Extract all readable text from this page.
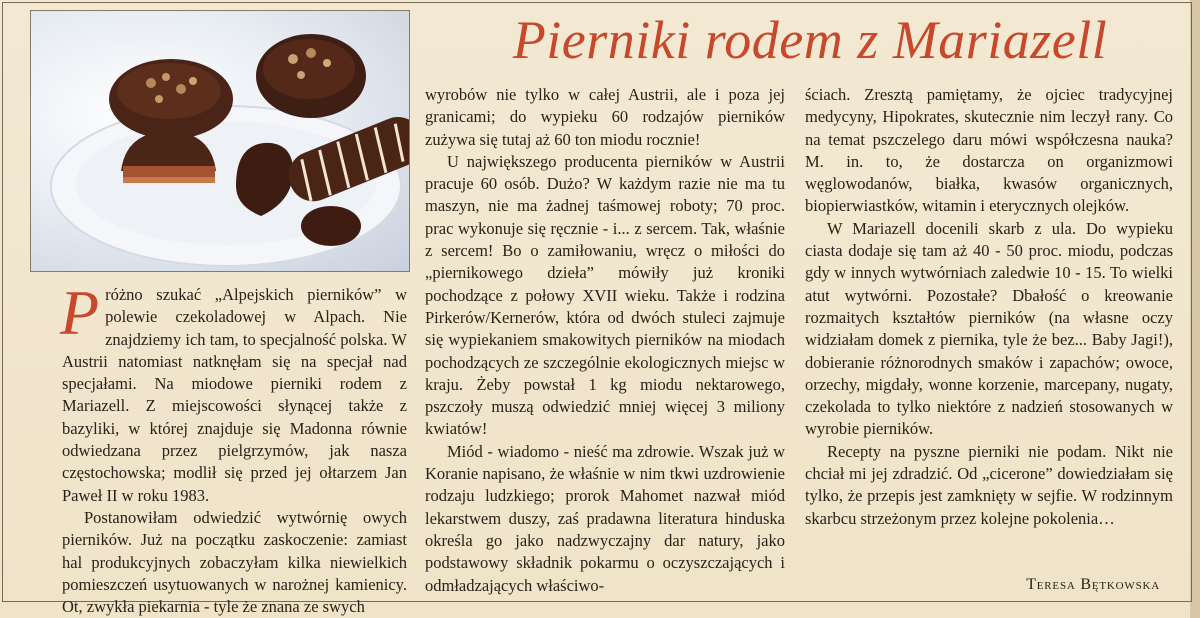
Pierniki rodem z Mariazell

Próżno szukać „Alpejskich pierników” w polewie czekoladowej w Alpach. Nie znajdziemy ich tam, to specjalność polska. W Austrii natomiast natknęłam się na specjał nad specjałami. Na miodowe pierniki rodem z Mariazell. Z miejscowości słynącej także z bazyliki, w której znajduje się Madonna równie odwiedzana przez pielgrzymów, jak nasza częstochowska; modlił się przed jej ołtarzem Jan Paweł II w roku 1983.

Postanowiłam odwiedzić wytwórnię owych pierników. Już na początku zaskoczenie: zamiast hal produkcyjnych zobaczyłam kilka niewielkich pomieszczeń usytuowanych w narożnej kamienicy. Ot, zwykła piekarnia - tyle że znana ze swych

wyrobów nie tylko w całej Austrii, ale i poza jej granicami; do wypieku 60 rodzajów pierników zużywa się tutaj aż 60 ton miodu rocznie!

U największego producenta pierników w Austrii pracuje 60 osób. Dużo? W każdym razie nie ma tu maszyn, nie ma żadnej taśmowej roboty; 70 proc. prac wykonuje się ręcznie - i... z sercem. Tak, właśnie z sercem! Bo o zamiłowaniu, wręcz o miłości do „piernikowego dzieła” mówiły już kroniki pochodzące z połowy XVII wieku. Także i rodzina Pirkerów/Kernerów, która od dwóch stuleci zajmuje się wypiekaniem smakowitych pierników na miodach pochodzących ze szczególnie ekologicznych miejsc w kraju. Żeby powstał 1 kg miodu nektarowego, pszczoły muszą odwiedzić mniej więcej 3 miliony kwiatów!

Miód - wiadomo - nieść ma zdrowie. Wszak już w Koranie napisano, że właśnie w nim tkwi uzdrowienie rodzaju ludzkiego; prorok Mahomet nazwał miód lekarstwem duszy, zaś pradawna literatura hinduska określa go jako nadzwyczajny dar natury, jako podstawowy składnik pokarmu o oczyszczających i odmładzających właściwo-

ściach. Zresztą pamiętamy, że ojciec tradycyjnej medycyny, Hipokrates, skutecznie nim leczył rany. Co na temat pszczelego daru mówi współczesna nauka? M. in. to, że dostarcza on organizmowi węglowodanów, białka, kwasów organicznych, biopierwiastków, witamin i eterycznych olejków.

W Mariazell docenili skarb z ula. Do wypieku ciasta dodaje się tam aż 40 - 50 proc. miodu, podczas gdy w innych wytwórniach zaledwie 10 - 15. To wielki atut wytwórni. Pozostałe? Dbałość o kreowanie rozmaitych kształtów pierników (na własne oczy widziałam domek z piernika, tyle że bez... Baby Jagi!), dobieranie różnorodnych smaków i zapachów; owoce, orzechy, migdały, wonne korzenie, marcepany, nugaty, czekolada to tylko niektóre z nadzień stosowanych w wyrobie pierników.

Recepty na pyszne pierniki nie podam. Nikt nie chciał mi jej zdradzić. Od „cicerone” dowiedziałam się tylko, że przepis jest zamknięty w sejfie. W rodzinnym skarbcu strzeżonym przez kolejne pokolenia…

Teresa Bętkowska
